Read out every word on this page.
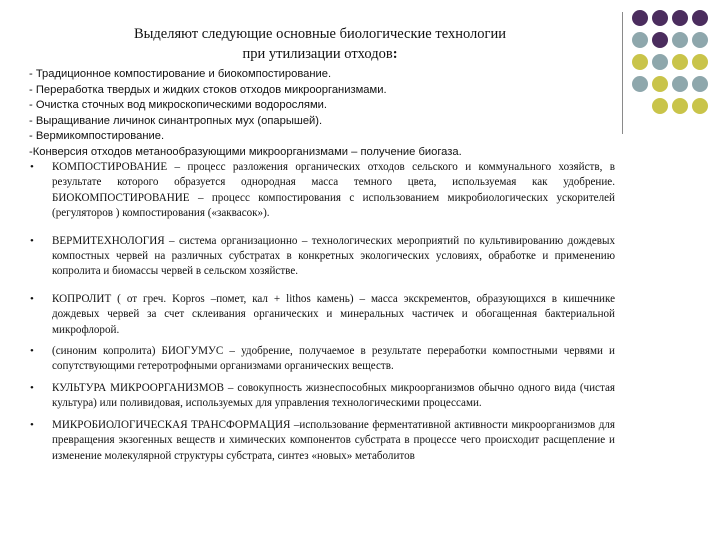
Выделяют следующие основные биологические технологии
при утилизации отходов:
- Традиционное компостирование и биокомпостирование.
- Переработка твердых и жидких стоков отходов микроорганизмами.
- Очистка сточных вод микроскопическими водорослями.
- Выращивание личинок синантропных мух (опарышей).
- Вермикомпостирование.
-Конверсия отходов метанообразующими микроорганизмами – получение биогаза.
• КОМПОСТИРОВАНИЕ – процесс разложения органических отходов сельского и коммунального хозяйств, в результате которого образуется однородная масса темного цвета, используемая как удобрение. БИОКОМПОСТИРОВАНИЕ – процесс компостирования с использованием микробиологических ускорителей (регуляторов ) компостирования («заквасок»).
• ВЕРМИТЕХНОЛОГИЯ – система организационно – технологических мероприятий по культивированию дождевых компостных червей на различных субстратах в конкретных экологических условиях, обработке и применению копролита и биомассы червей в сельском хозяйстве.
• КОПРОЛИТ ( от греч. Kopros –помет, кал + lithos камень) – масса экскрементов, образующихся в кишечнике дождевых червей за счет склеивания органических и минеральных частичек и обогащенная бактериальной микрофлорой.
• (синоним копролита) БИОГУМУС – удобрение, получаемое в результате переработки компостными червями и сопутствующими гетеротрофными организмами органических веществ.
• КУЛЬТУРА МИКРООРГАНИЗМОВ – совокупность жизнеспособных микроорганизмов обычно одного вида (чистая культура) или поливидовая, используемых для управления технологическими процессами.
• МИКРОБИОЛОГИЧЕСКАЯ ТРАНСФОРМАЦИЯ –использование ферментативной активности микроорганизмов для превращения экзогенных веществ и химических компонентов субстрата в процессе чего происходит расщепление и изменение молекулярной структуры субстрата, синтез «новых» метаболитов
